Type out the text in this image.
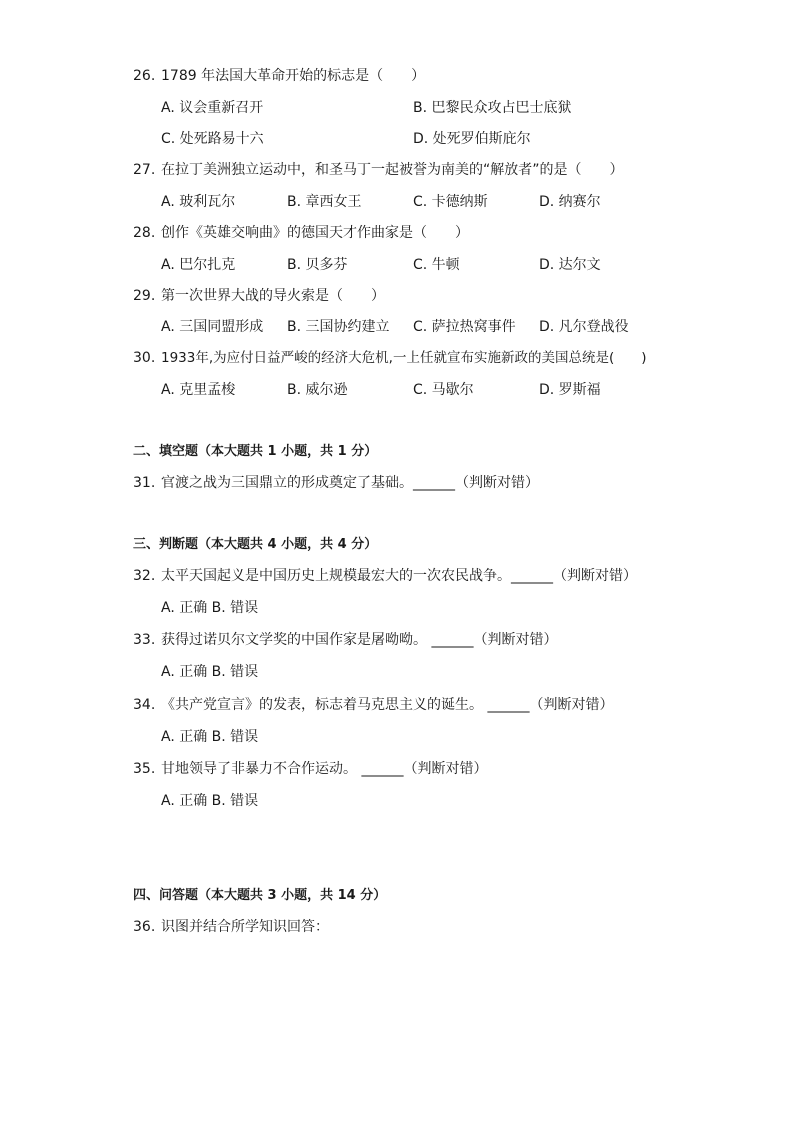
26. 1789 年法国大革命开始的标志是（　　）
A. 议会重新召开	B. 巴黎民众攻占巴士底狱
C. 处死路易十六	D. 处死罗伯斯庇尔
27. 在拉丁美洲独立运动中，和圣马丁一起被誉为南美的“解放者”的是（　　）
A. 玻利瓦尔	B. 章西女王	C. 卡德纳斯	D. 纳赛尔
28. 创作《英雄交响曲》的德国天才作曲家是（　　）
A. 巴尔扎克	B. 贝多芬	C. 牛顿	D. 达尔文
29. 第一次世界大战的导火索是（　　）
A. 三国同盟形成 B. 三国协约建立 C. 萨拉热窝事件 D. 凡尔登战役
30. 1933年,为应付日益严峻的经济大危机,一上任就宣布实施新政的美国总统是(　　)
A. 克里孟梭	B. 威尔逊	C. 马歇尔	D. 罗斯福
二、填空题（本大题共 1 小题，共 1 分）
31. 官渡之战为三国鼎立的形成奠定了基础。______（判断对错）
三、判断题（本大题共 4 小题，共 4 分）
32. 太平天国起义是中国历史上规模最宏大的一次农民战争。______（判断对错）
A. 正确 B. 错误
33. 获得过诺贝尔文学奖的中国作家是屠呦呦。 ______（判断对错）
A. 正确 B. 错误
34. 《共产党宣言》的发表，标志着马克思主义的诞生。 ______（判断对错）
A. 正确 B. 错误
35. 甘地领导了非暴力不合作运动。 ______（判断对错）
A. 正确 B. 错误
四、问答题（本大题共 3 小题，共 14 分）
36. 识图并结合所学知识回答：
